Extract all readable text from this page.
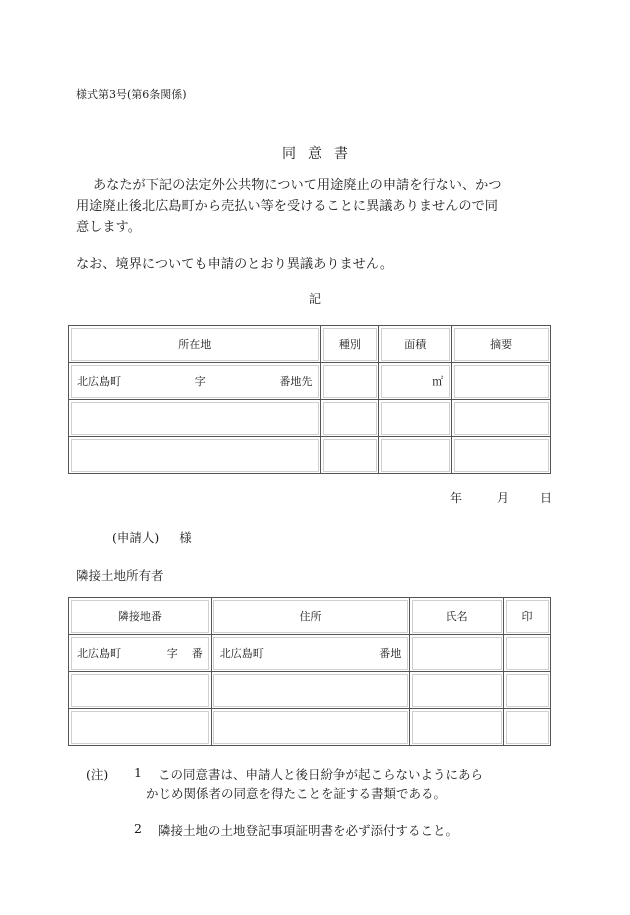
様式第3号(第6条関係)
同意書
あなたが下記の法定外公共物について用途廃止の申請を行ない、かつ
用途廃止後北広島町から売払い等を受けることに異議ありませんので同
意します。
なお、境界についても申請のとおり異議ありません。
記
所在地	種別	面積	摘要

北広島町 字 番地先		㎡	

年	月	日
(申請人) 様
隣接土地所有者
隣接地番	住所	氏名	印

北広島町 字 番	北広島町 番地		

(注) 1 この同意書は、申請人と後日紛争が起こらないようにあら
かじめ関係者の同意を得たことを証する書類である。
2 隣接土地の土地登記事項証明書を必ず添付すること。
